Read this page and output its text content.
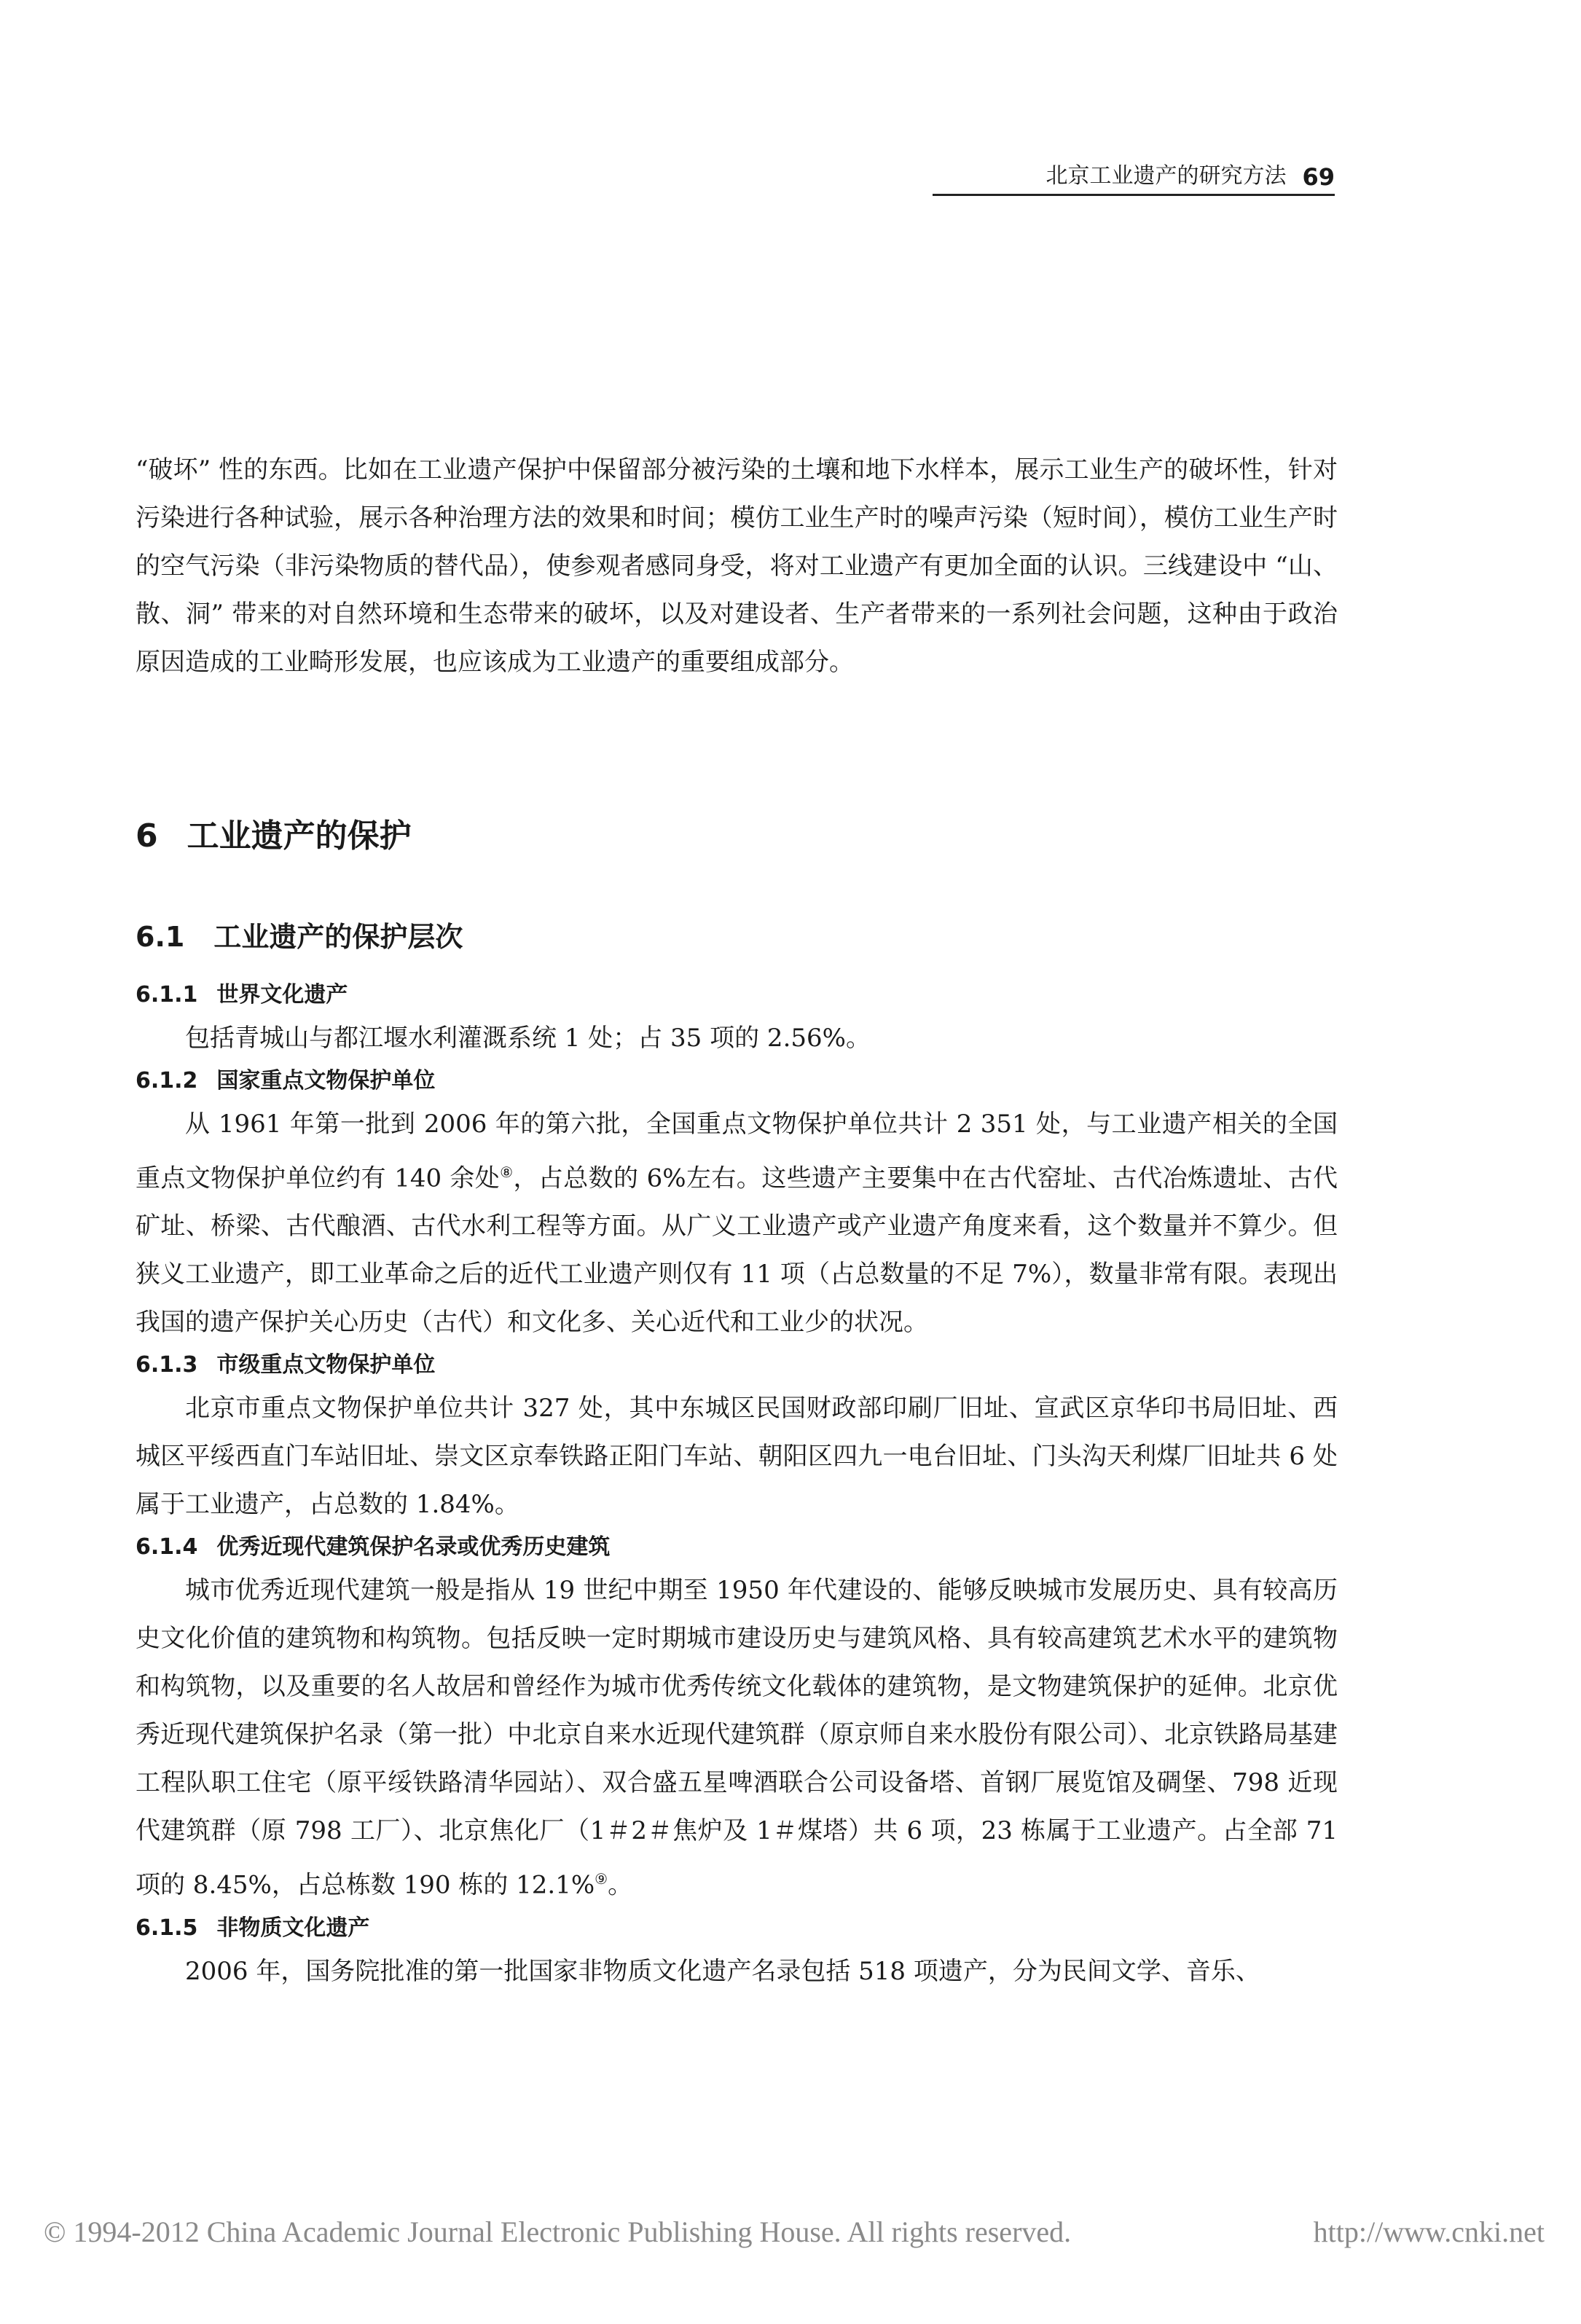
北京工业遗产的研究方法 69

“破坏” 性的东西。比如在工业遗产保护中保留部分被污染的土壤和地下水样本，展示工业生产的破坏性，针对污染进行各种试验，展示各种治理方法的效果和时间；模仿工业生产时的噪声污染（短时间），模仿工业生产时的空气污染（非污染物质的替代品），使参观者感同身受，将对工业遗产有更加全面的认识。三线建设中 “山、散、洞” 带来的对自然环境和生态带来的破坏，以及对建设者、生产者带来的一系列社会问题，这种由于政治原因造成的工业畸形发展，也应该成为工业遗产的重要组成部分。

6 工业遗产的保护
6.1 工业遗产的保护层次
6.1.1 世界文化遗产

包括青城山与都江堰水利灌溉系统 1 处；占 35 项的 2.56%。

6.1.2 国家重点文物保护单位

从 1961 年第一批到 2006 年的第六批，全国重点文物保护单位共计 2 351 处，与工业遗产相关的全国重点文物保护单位约有 140 余处⑧，占总数的 6%左右。这些遗产主要集中在古代窑址、古代冶炼遗址、古代矿址、桥梁、古代酿酒、古代水利工程等方面。从广义工业遗产或产业遗产角度来看，这个数量并不算少。但狭义工业遗产，即工业革命之后的近代工业遗产则仅有 11 项（占总数量的不足 7%），数量非常有限。表现出我国的遗产保护关心历史（古代）和文化多、关心近代和工业少的状况。

6.1.3 市级重点文物保护单位

北京市重点文物保护单位共计 327 处，其中东城区民国财政部印刷厂旧址、宣武区京华印书局旧址、西城区平绥西直门车站旧址、崇文区京奉铁路正阳门车站、朝阳区四九一电台旧址、门头沟天利煤厂旧址共 6 处属于工业遗产，占总数的 1.84%。

6.1.4 优秀近现代建筑保护名录或优秀历史建筑

城市优秀近现代建筑一般是指从 19 世纪中期至 1950 年代建设的、能够反映城市发展历史、具有较高历史文化价值的建筑物和构筑物。包括反映一定时期城市建设历史与建筑风格、具有较高建筑艺术水平的建筑物和构筑物，以及重要的名人故居和曾经作为城市优秀传统文化载体的建筑物，是文物建筑保护的延伸。北京优秀近现代建筑保护名录（第一批）中北京自来水近现代建筑群（原京师自来水股份有限公司）、北京铁路局基建工程队职工住宅（原平绥铁路清华园站）、双合盛五星啤酒联合公司设备塔、首钢厂展览馆及碉堡、798 近现代建筑群（原 798 工厂）、北京焦化厂（1＃2＃焦炉及 1＃煤塔）共 6 项，23 栋属于工业遗产。占全部 71 项的 8.45%，占总栋数 190 栋的 12.1%⑨。

6.1.5 非物质文化遗产

2006 年，国务院批准的第一批国家非物质文化遗产名录包括 518 项遗产，分为民间文学、音乐、

© 1994-2012 China Academic Journal Electronic Publishing House. All rights reserved.	http://www.cnki.net
